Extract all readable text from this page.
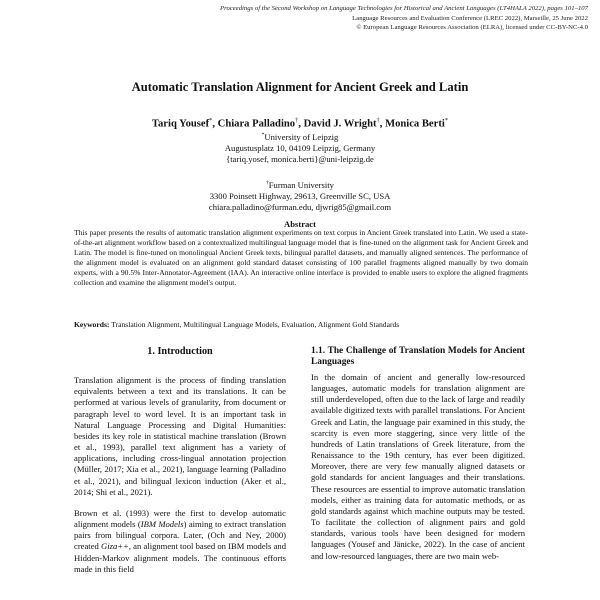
Proceedings of the Second Workshop on Language Technologies for Historical and Ancient Languages (LT4HALA 2022), pages 101–107
Language Resources and Evaluation Conference (LREC 2022), Marseille, 25 June 2022
© European Language Resources Association (ELRA), licensed under CC-BY-NC-4.0
Automatic Translation Alignment for Ancient Greek and Latin
Tariq Yousef*, Chiara Palladino†, David J. Wright†, Monica Berti*
*University of Leipzig
Augustusplatz 10, 04109 Leipzig, Germany
{tariq.yosef, monica.berti}@uni-leipzig.de
†Furman University
3300 Poinsett Highway, 29613, Greenville SC, USA
chiara.palladino@furman.edu, djwrig85@gmail.com
Abstract
This paper presents the results of automatic translation alignment experiments on text corpus in Ancient Greek translated into Latin. We used a state-of-the-art alignment workflow based on a contextualized multilingual language model that is fine-tuned on the alignment task for Ancient Greek and Latin. The model is fine-tuned on monolingual Ancient Greek texts, bilingual parallel datasets, and manually aligned sentences. The performance of the alignment model is evaluated on an alignment gold standard dataset consisting of 100 parallel fragments aligned manually by two domain experts, with a 90.5% Inter-Annotator-Agreement (IAA). An interactive online interface is provided to enable users to explore the aligned fragments collection and examine the alignment model's output.
Keywords: Translation Alignment, Multilingual Language Models, Evaluation, Alignment Gold Standards
1. Introduction

Translation alignment is the process of finding translation equivalents between a text and its translations. It can be performed at various levels of granularity, from document or paragraph level to word level. It is an important task in Natural Language Processing and Digital Humanities: besides its key role in statistical machine translation (Brown et al., 1993), parallel text alignment has a variety of applications, including cross-lingual annotation projection (Müller, 2017; Xia et al., 2021), language learning (Palladino et al., 2021), and bilingual lexicon induction (Aker et al., 2014; Shi et al., 2021).

Brown et al. (1993) were the first to develop automatic alignment models (IBM Models) aiming to extract translation pairs from bilingual corpora. Later, (Och and Ney, 2000) created Giza++, an alignment tool based on IBM models and Hidden-Markov alignment models. The continuous efforts made in this field

1.1. The Challenge of Translation Models for Ancient Languages

In the domain of ancient and generally low-resourced languages, automatic models for translation alignment are still underdeveloped, often due to the lack of large and readily available digitized texts with parallel translations. For Ancient Greek and Latin, the language pair examined in this study, the scarcity is even more staggering, since very little of the hundreds of Latin translations of Greek literature, from the Renaissance to the 19th century, has ever been digitized. Moreover, there are very few manually aligned datasets or gold standards for ancient languages and their translations. These resources are essential to improve automatic translation models, either as training data for automatic methods, or as gold standards against which machine outputs may be tested. To facilitate the collection of alignment pairs and gold standards, various tools have been designed for modern languages (Yousef and Jänicke, 2022). In the case of ancient and low-resourced languages, there are two main web-
